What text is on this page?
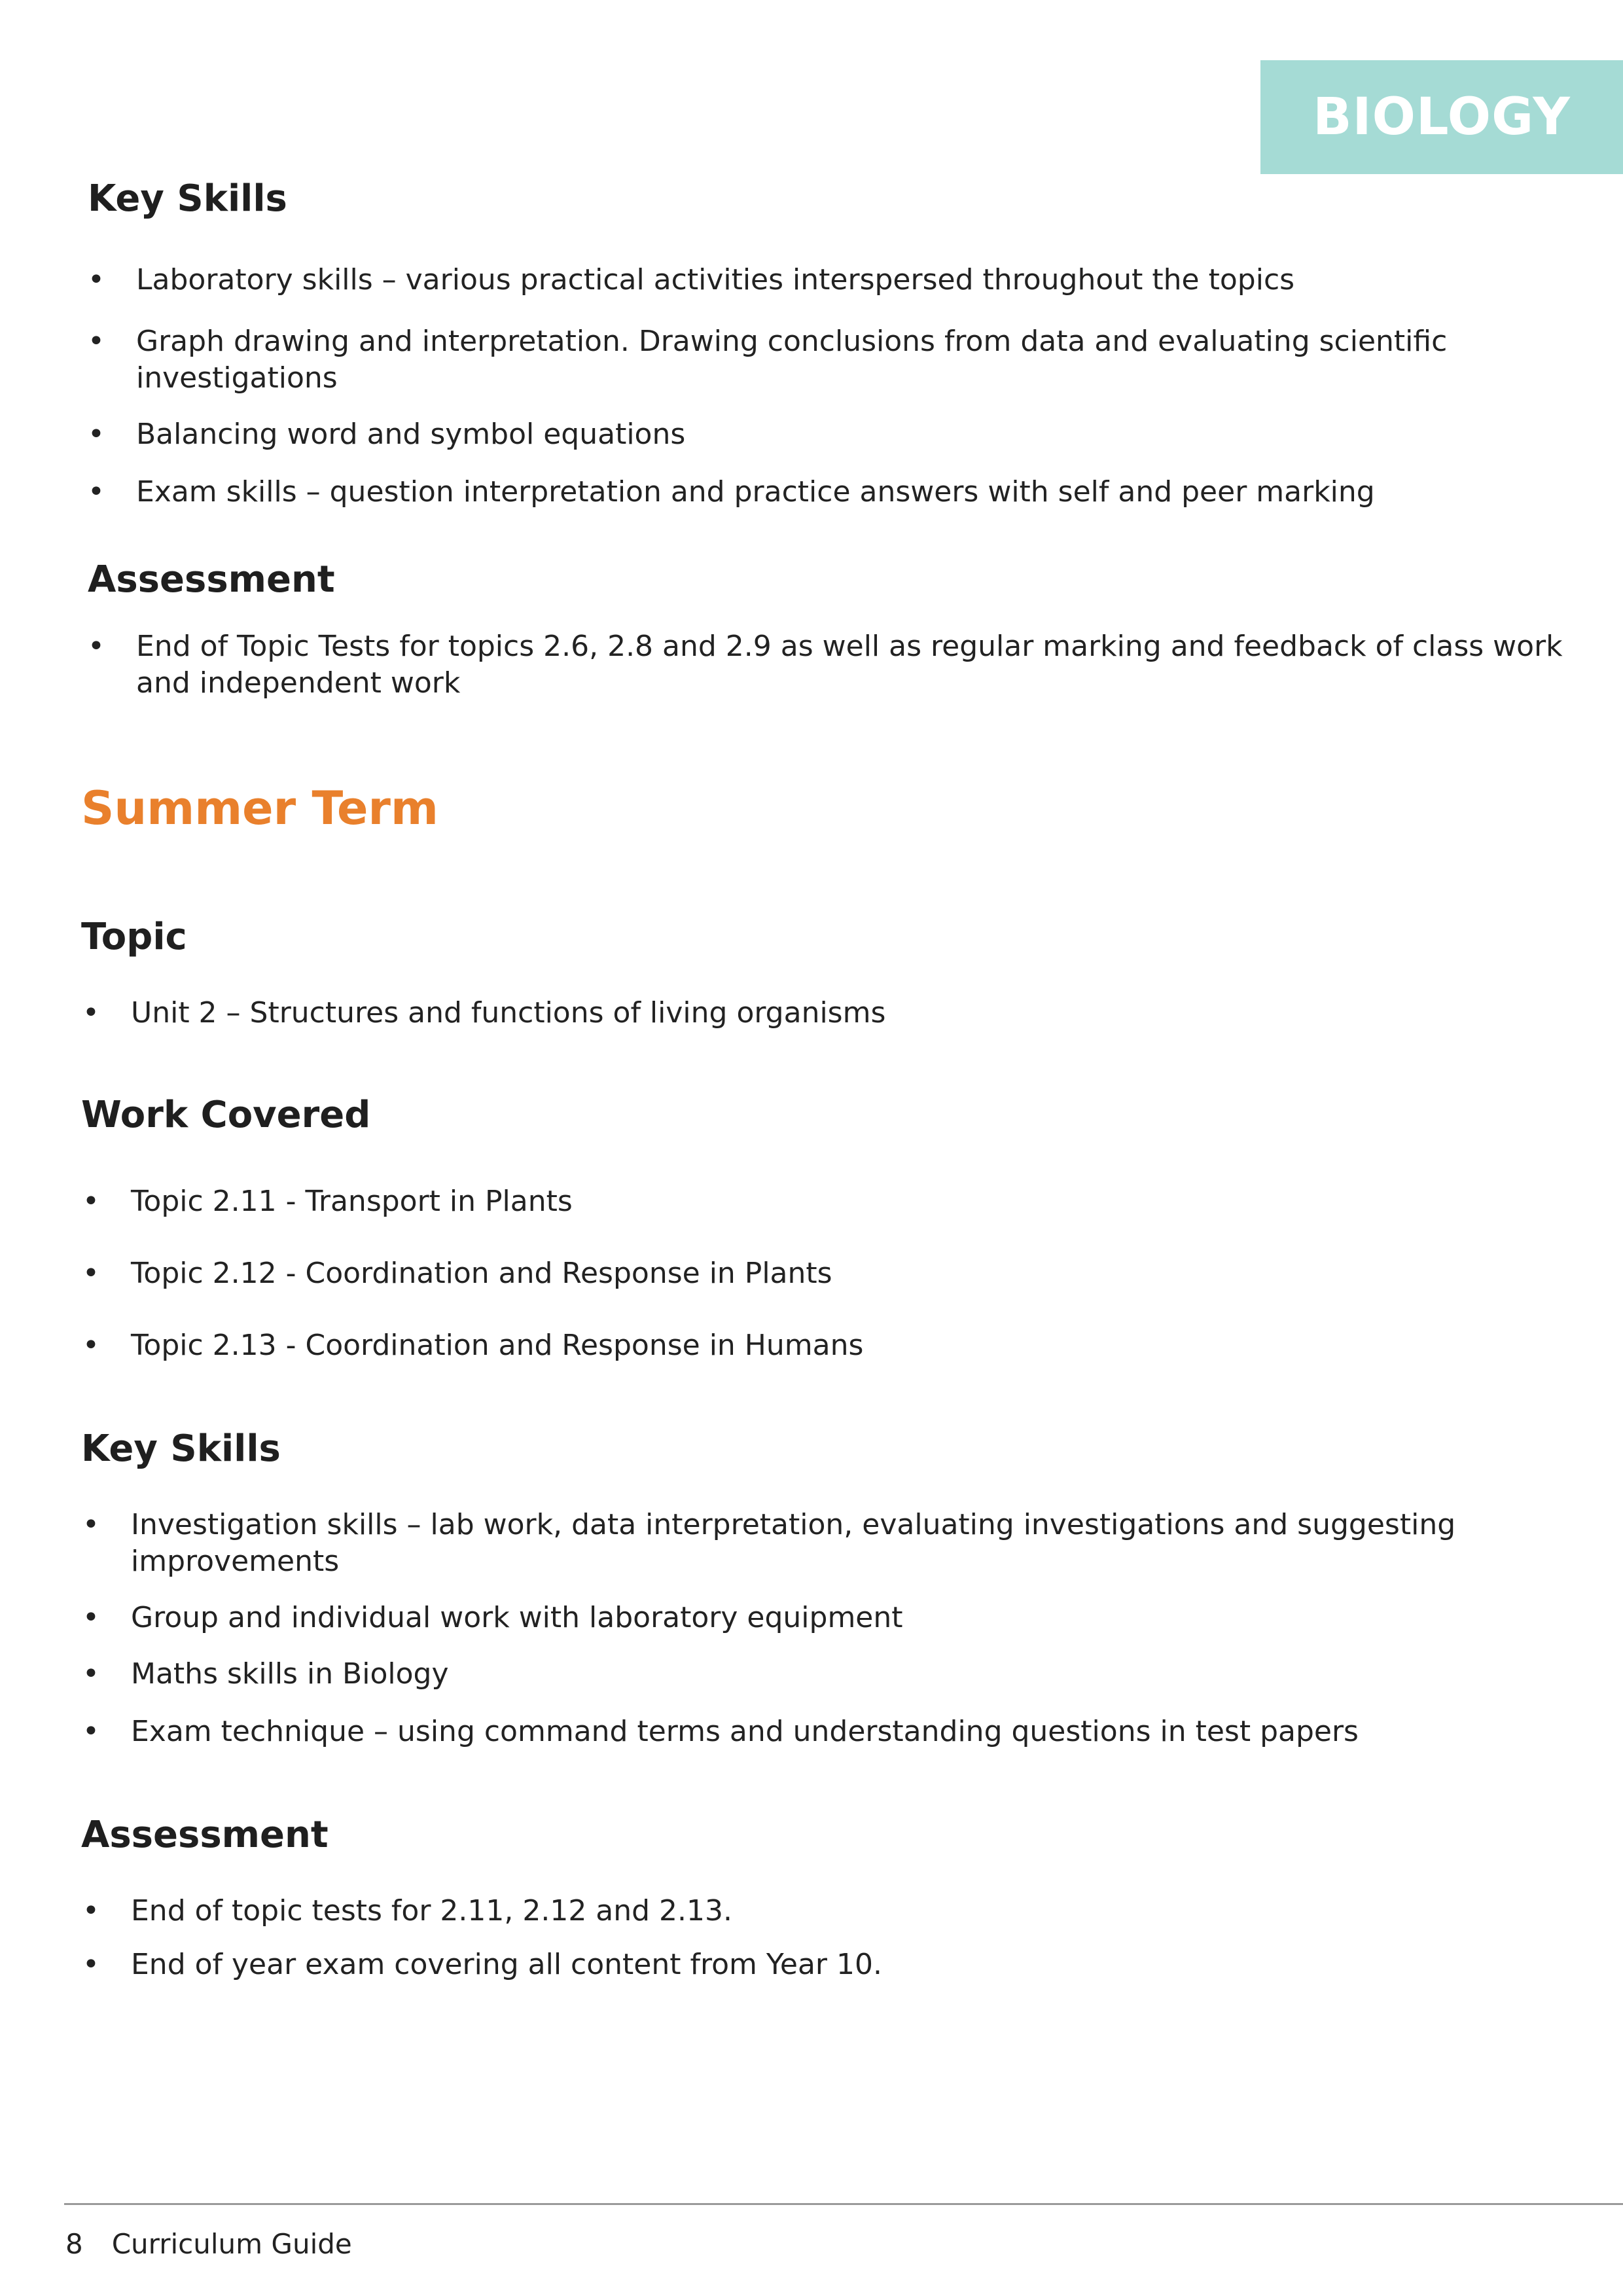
BIOLOGY
Key Skills
• Laboratory skills – various practical activities interspersed throughout the topics
• Graph drawing and interpretation. Drawing conclusions from data and evaluating scientific investigations
• Balancing word and symbol equations
• Exam skills – question interpretation and practice answers with self and peer marking
Assessment
• End of Topic Tests for topics 2.6, 2.8 and 2.9 as well as regular marking and feedback of class work and independent work
Summer Term
Topic
• Unit 2 – Structures and functions of living organisms
Work Covered
• Topic 2.11 - Transport in Plants
• Topic 2.12 - Coordination and Response in Plants
• Topic 2.13 - Coordination and Response in Humans
Key Skills
• Investigation skills – lab work, data interpretation, evaluating investigations and suggesting improvements
• Group and individual work with laboratory equipment
• Maths skills in Biology
• Exam technique – using command terms and understanding questions in test papers
Assessment
• End of topic tests for 2.11, 2.12 and 2.13.
• End of year exam covering all content from Year 10.
8 Curriculum Guide
